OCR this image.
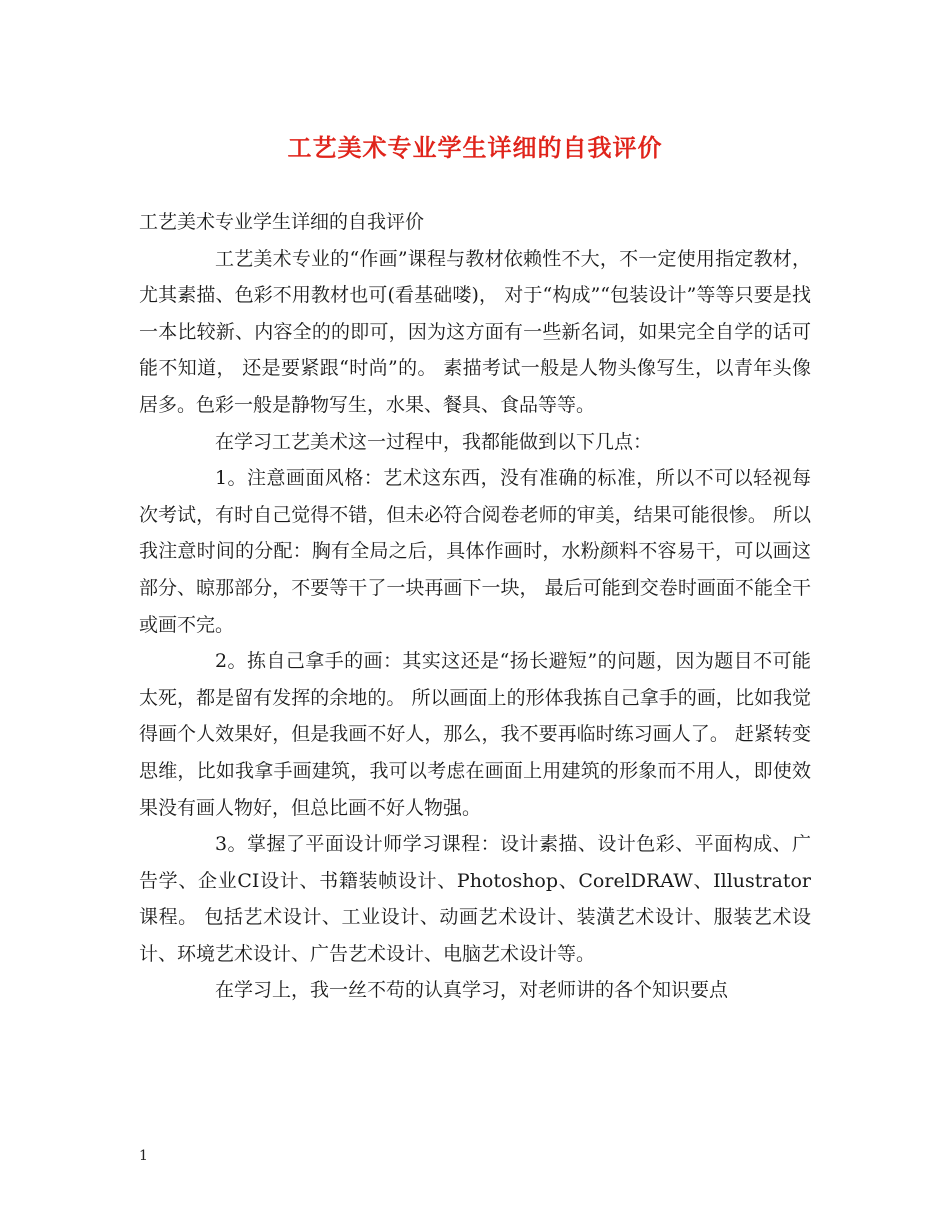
工艺美术专业学生详细的自我评价

工艺美术专业学生详细的自我评价

工艺美术专业的“作画”课程与教材依赖性不大，不一定使用指定教材，尤其素描、色彩不用教材也可(看基础喽)， 对于“构成”“包装设计”等等只要是找一本比较新、内容全的的即可，因为这方面有一些新名词，如果完全自学的话可能不知道， 还是要紧跟“时尚”的。 素描考试一般是人物头像写生，以青年头像居多。色彩一般是静物写生，水果、餐具、食品等等。

在学习工艺美术这一过程中，我都能做到以下几点：

1。注意画面风格：艺术这东西，没有准确的标准，所以不可以轻视每次考试，有时自己觉得不错，但未必符合阅卷老师的审美，结果可能很惨。 所以我注意时间的分配：胸有全局之后，具体作画时，水粉颜料不容易干，可以画这部分、晾那部分，不要等干了一块再画下一块， 最后可能到交卷时画面不能全干或画不完。

2。拣自己拿手的画：其实这还是“扬长避短”的问题，因为题目不可能太死，都是留有发挥的余地的。 所以画面上的形体我拣自己拿手的画，比如我觉得画个人效果好，但是我画不好人，那么，我不要再临时练习画人了。 赶紧转变思维，比如我拿手画建筑，我可以考虑在画面上用建筑的形象而不用人，即使效果没有画人物好，但总比画不好人物强。

3。掌握了平面设计师学习课程：设计素描、设计色彩、平面构成、广告学、企业CI设计、书籍装帧设计、Photoshop、CorelDRAW、Illustrator课程。 包括艺术设计、工业设计、动画艺术设计、装潢艺术设计、服装艺术设计、环境艺术设计、广告艺术设计、电脑艺术设计等。

在学习上，我一丝不苟的认真学习，对老师讲的各个知识要点

1
